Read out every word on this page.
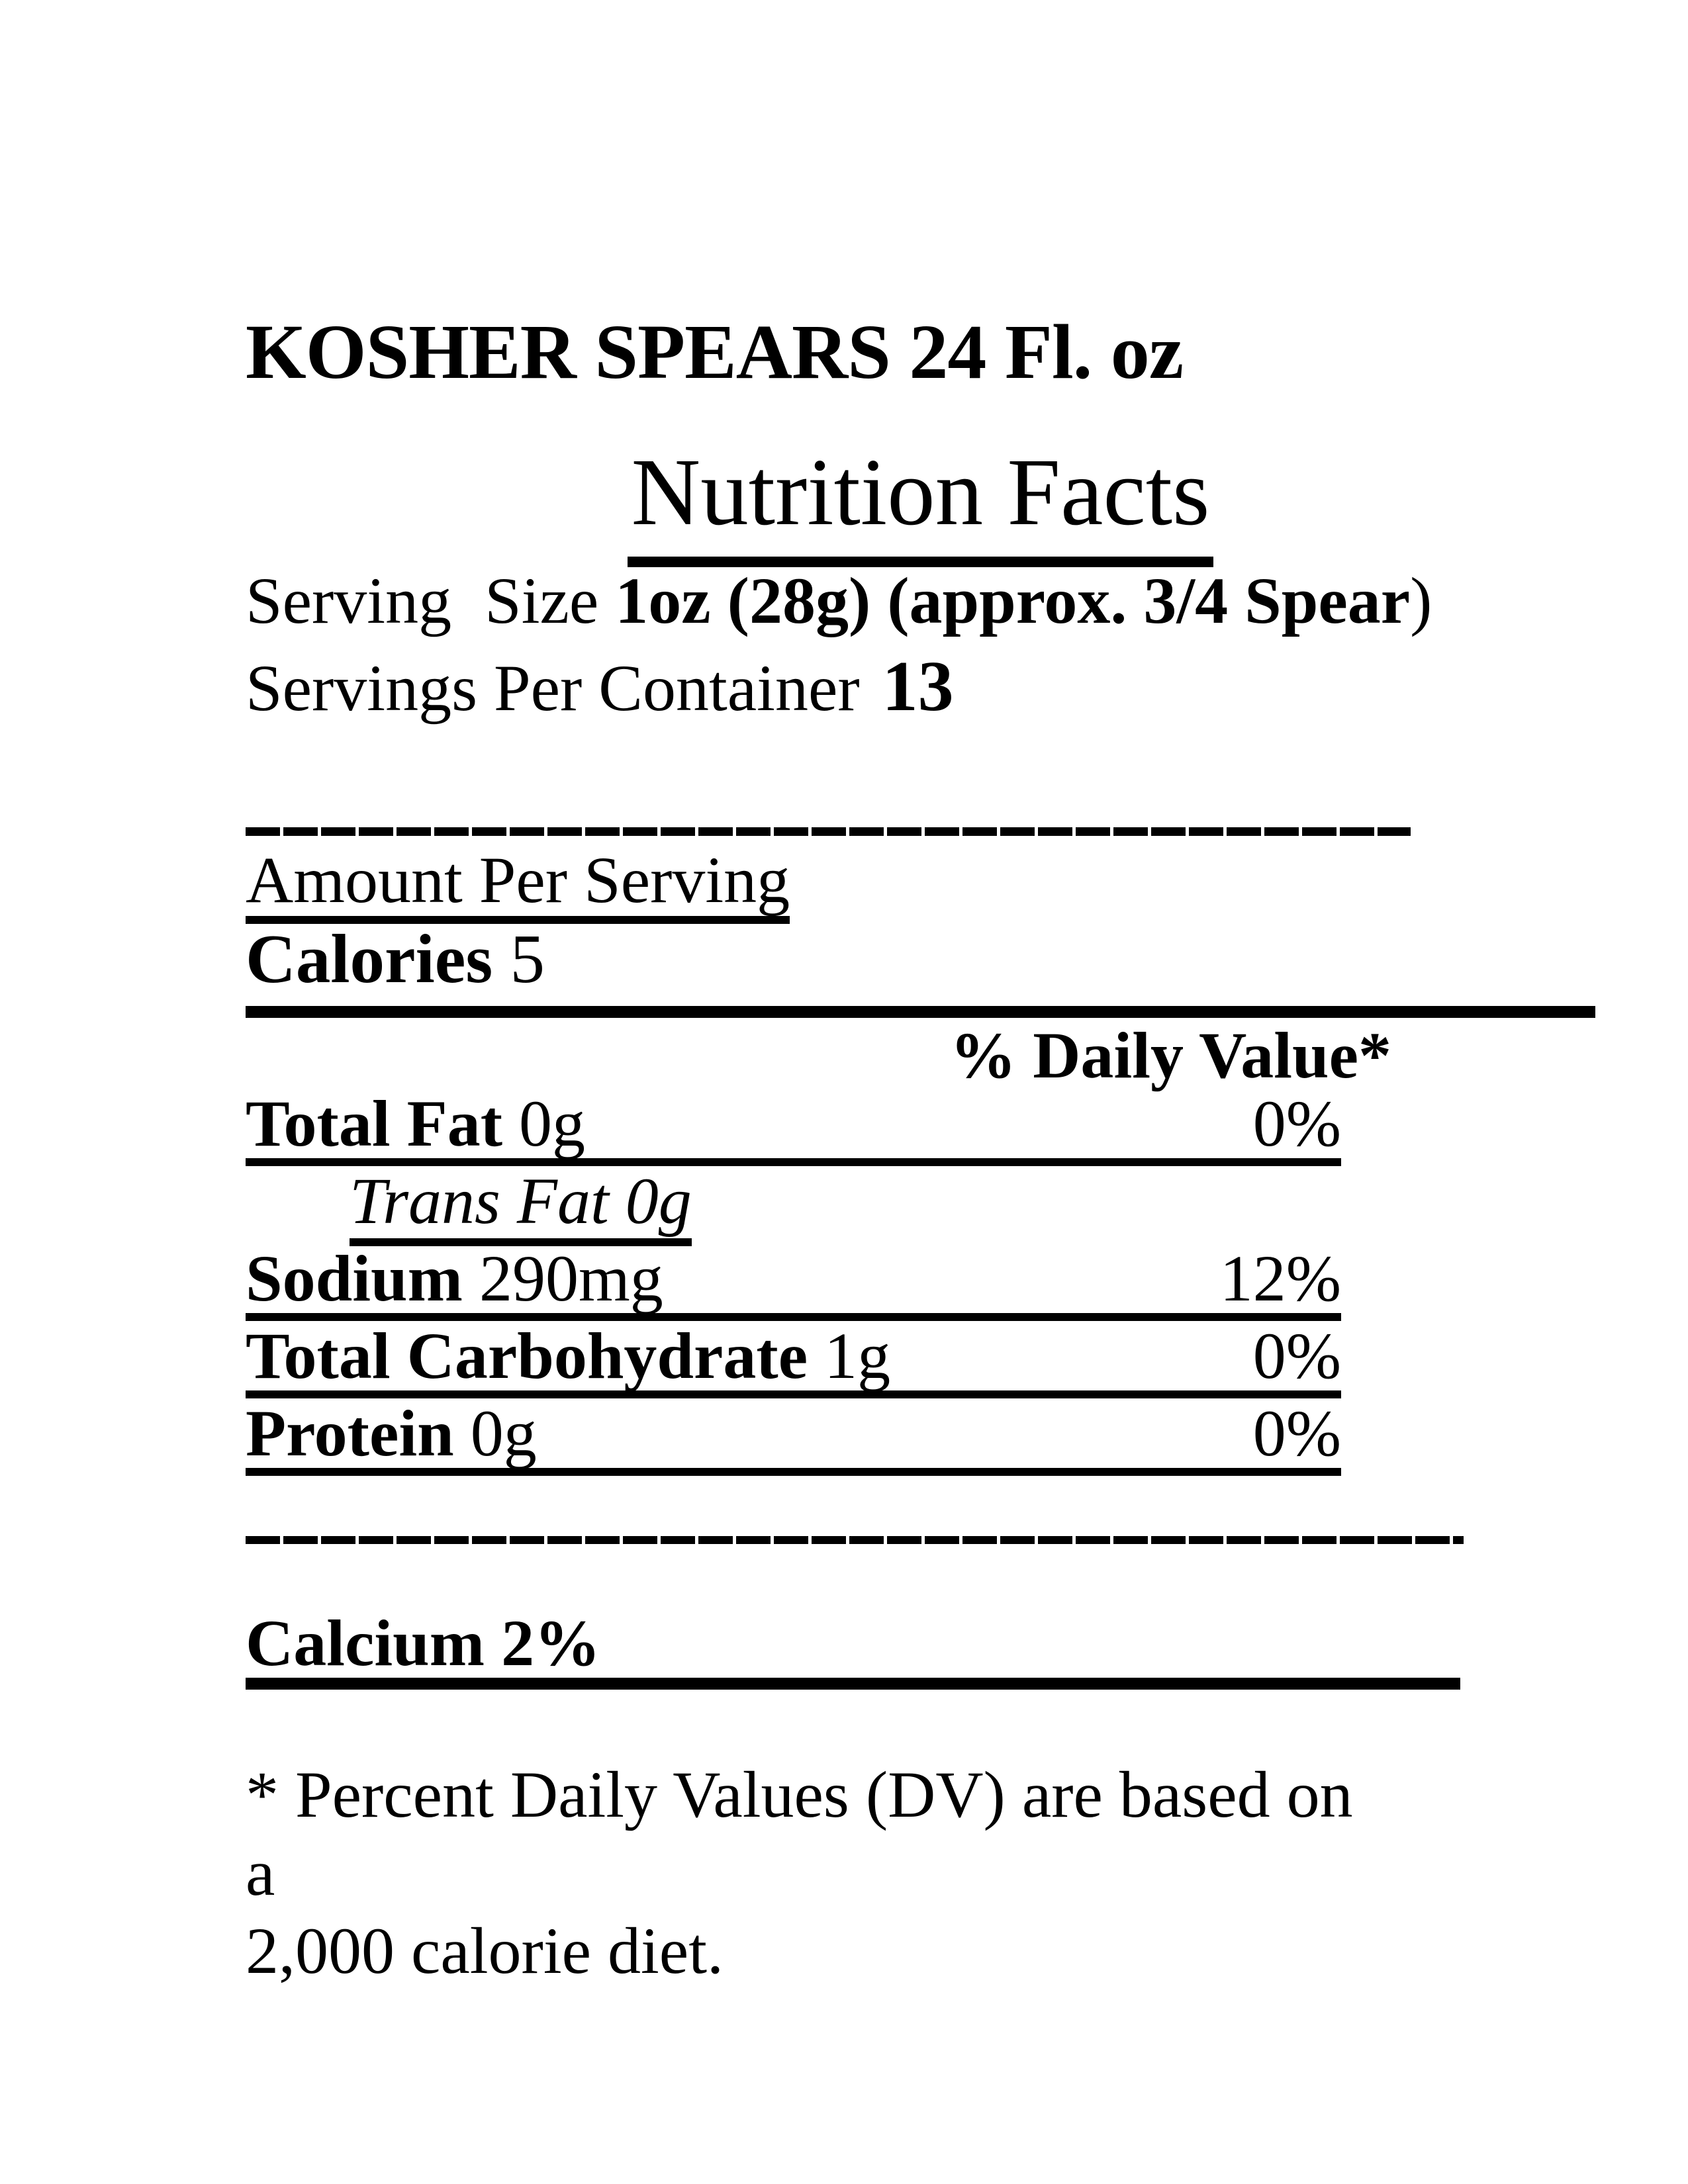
KOSHER SPEARS 24 Fl. oz
Nutrition Facts
Serving  Size 1oz (28g) (approx. 3/4 Spear)
Servings Per Container 13
Amount Per Serving
Calories 5
% Daily Value*
Total Fat 0g	0%
Trans Fat 0g
Sodium 290mg	12%
Total Carbohydrate 1g	0%
Protein 0g	0%
Calcium 2%
* Percent Daily Values (DV) are based on a
2,000 calorie diet.
